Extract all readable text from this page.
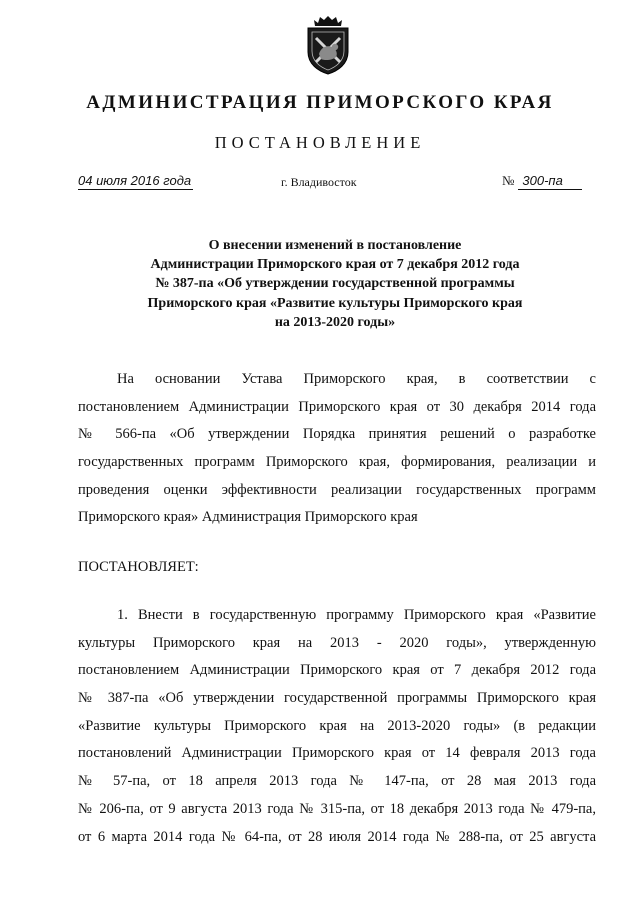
АДМИНИСТРАЦИЯ ПРИМОРСКОГО КРАЯ
ПОСТАНОВЛЕНИЕ
04 июля 2016 года	г. Владивосток	№ 300-па
О внесении изменений в постановление
Администрации Приморского края от 7 декабря 2012 года
№ 387-па «Об утверждении государственной программы
Приморского края «Развитие культуры Приморского края
на 2013-2020 годы»
На основании Устава Приморского края, в соответствии с
постановлением Администрации Приморского края от 30 декабря 2014 года
№ 566-па «Об утверждении Порядка принятия решений о разработке
государственных программ Приморского края, формирования, реализации и
проведения оценки эффективности реализации государственных программ
Приморского края» Администрация Приморского края
ПОСТАНОВЛЯЕТ:
1. Внести в государственную программу Приморского края «Развитие
культуры Приморского края на 2013 - 2020 годы», утвержденную
постановлением Администрации Приморского края от 7 декабря 2012 года
№ 387-па «Об утверждении государственной программы Приморского края
«Развитие культуры Приморского края на 2013-2020 годы» (в редакции
постановлений Администрации Приморского края от 14 февраля 2013 года
№ 57-па, от 18 апреля 2013 года № 147-па, от 28 мая 2013 года
№ 206-па, от 9 августа 2013 года № 315-па, от 18 декабря 2013 года № 479-па,
от 6 марта 2014 года № 64-па, от 28 июля 2014 года № 288-па, от 25 августа
